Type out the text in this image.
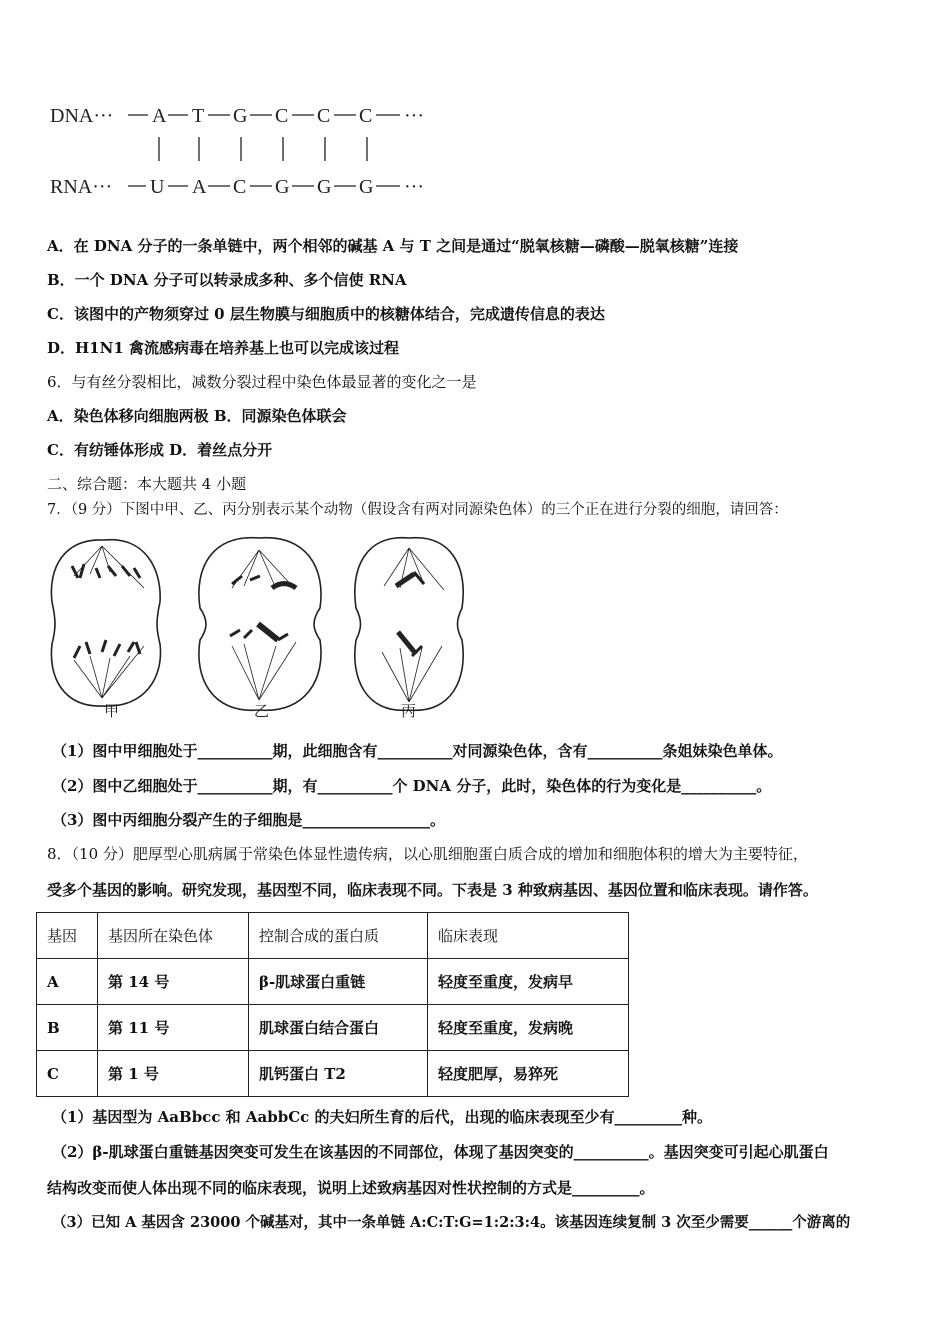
DNA··· A T G C C C ···
RNA··· U A C G G G ···
A．在 DNA 分子的一条单链中，两个相邻的碱基 A 与 T 之间是通过“脱氧核糖—磷酸—脱氧核糖”连接
B．一个 DNA 分子可以转录成多种、多个信使 RNA
C．该图中的产物须穿过 0 层生物膜与细胞质中的核糖体结合，完成遗传信息的表达
D．H1N1 禽流感病毒在培养基上也可以完成该过程
6．与有丝分裂相比，减数分裂过程中染色体最显著的变化之一是
A．染色体移向细胞两极 B．同源染色体联会
C．有纺锤体形成 D．着丝点分开
二、综合题：本大题共 4 小题
7．（9 分）下图中甲、乙、丙分别表示某个动物（假设含有两对同源染色体）的三个正在进行分裂的细胞，请回答：
甲	乙	丙
（1）图中甲细胞处于__________期，此细胞含有__________对同源染色体，含有__________条姐妹染色单体。
（2）图中乙细胞处于__________期，有__________个 DNA 分子，此时，染色体的行为变化是__________。
（3）图中丙细胞分裂产生的子细胞是_________________。
8．（10 分）肥厚型心肌病属于常染色体显性遗传病，以心肌细胞蛋白质合成的增加和细胞体积的增大为主要特征，
受多个基因的影响。研究发现，基因型不同，临床表现不同。下表是 3 种致病基因、基因位置和临床表现。请作答。
基因	基因所在染色体	控制合成的蛋白质	临床表现
A	第 14 号	β-肌球蛋白重链	轻度至重度，发病早
B	第 11 号	肌球蛋白结合蛋白	轻度至重度，发病晚
C	第 1 号	肌钙蛋白 T2	轻度肥厚，易猝死
（1）基因型为 AaBbcc 和 AabbCc 的夫妇所生育的后代，出现的临床表现至少有_________种。
（2）β-肌球蛋白重链基因突变可发生在该基因的不同部位，体现了基因突变的__________。基因突变可引起心肌蛋白
结构改变而使人体出现不同的临床表现，说明上述致病基因对性状控制的方式是_________。
（3）已知 A 基因含 23000 个碱基对，其中一条单链 A:C:T:G=1:2:3:4。该基因连续复制 3 次至少需要______个游离的
